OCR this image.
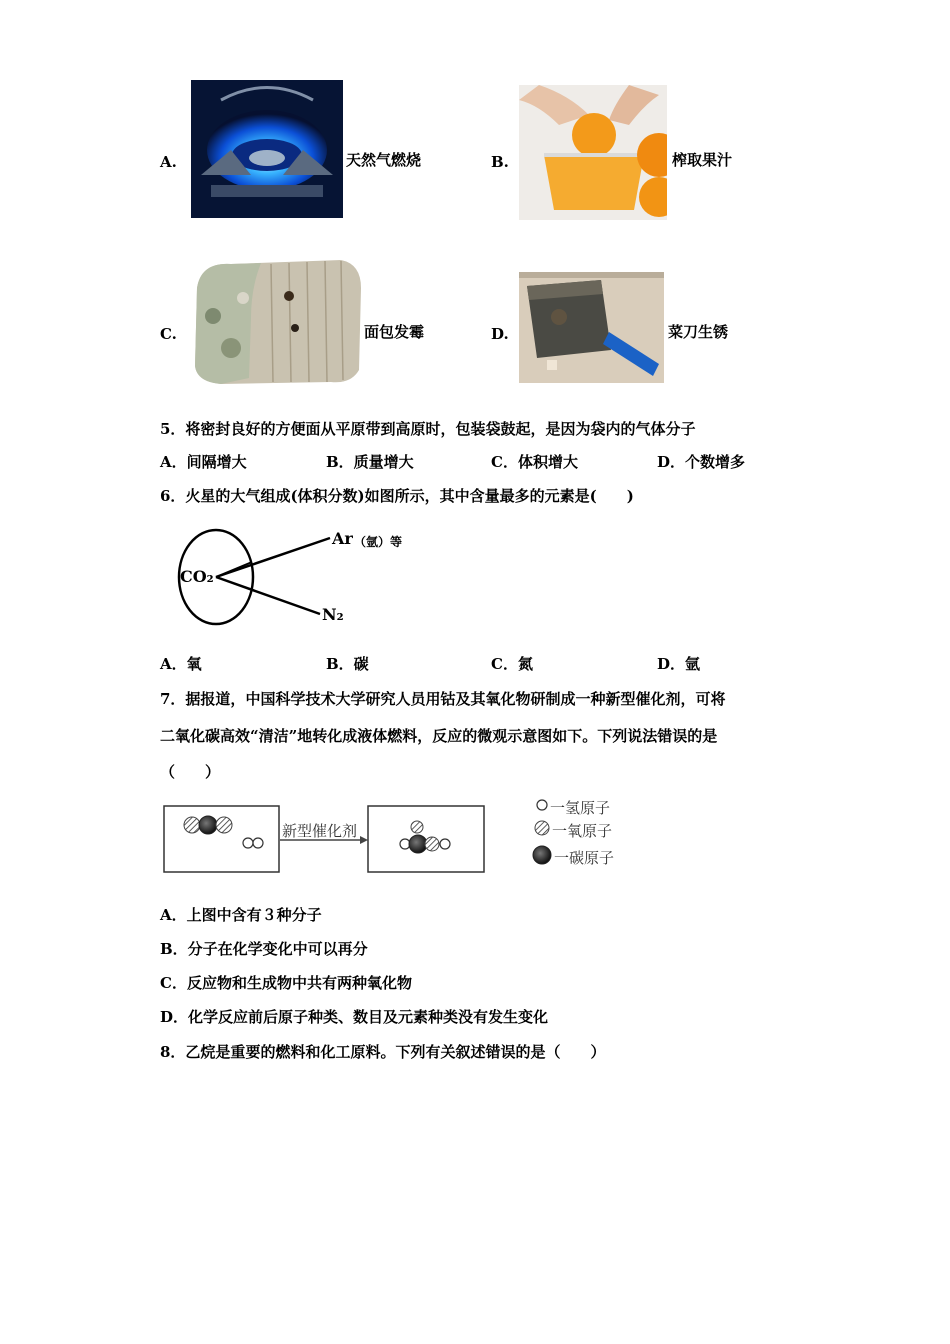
A.	天然气燃烧	B.	榨取果汁
C.	面包发霉	D.	菜刀生锈
5．将密封良好的方便面从平原带到高原时，包装袋鼓起，是因为袋内的气体分子
A．间隔增大	B．质量增大	C．体积增大	D．个数增多
6．火星的大气组成(体积分数)如图所示，其中含量最多的元素是(　　)
CO₂
Ar （氩）等
N₂
A．氧	B．碳	C．氮	D．氩
7．据报道，中国科学技术大学研究人员用钴及其氧化物研制成一种新型催化剂，可将
二氧化碳高效“清洁”地转化成液体燃料，反应的微观示意图如下。下列说法错误的是
（　　）
新型催化剂
一氢原子
一氧原子
一碳原子
A．上图中含有３种分子
B．分子在化学变化中可以再分
C．反应物和生成物中共有两种氧化物
D．化学反应前后原子种类、数目及元素种类没有发生变化
8．乙烷是重要的燃料和化工原料。下列有关叙述错误的是（　　）
